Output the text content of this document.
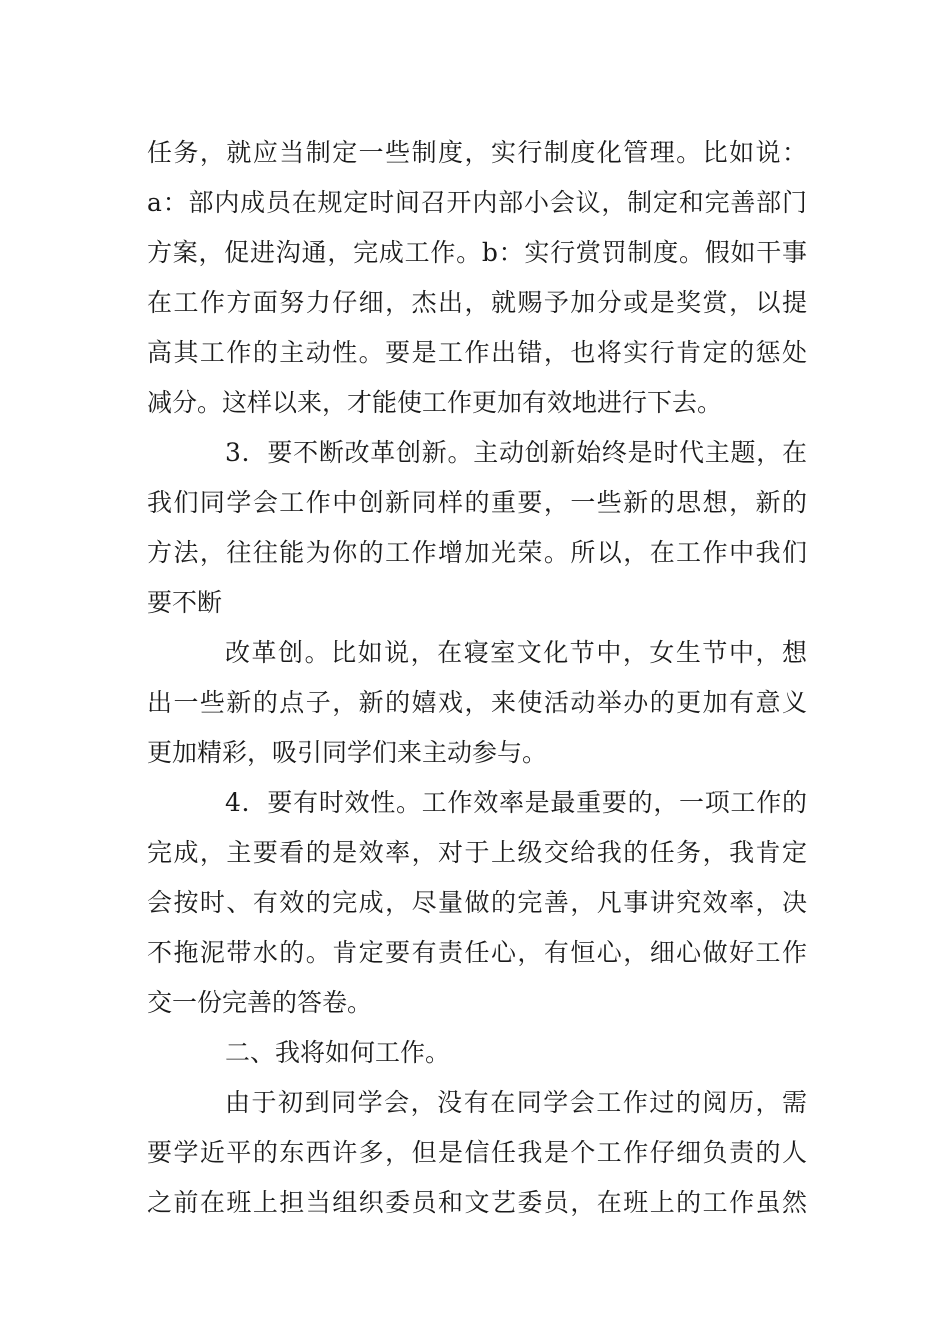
任务，就应当制定一些制度，实行制度化管理。比如说：
a：部内成员在规定时间召开内部小会议，制定和完善部门
方案，促进沟通，完成工作。b：实行赏罚制度。假如干事
在工作方面努力仔细，杰出，就赐予加分或是奖赏，以提
高其工作的主动性。要是工作出错，也将实行肯定的惩处
减分。这样以来，才能使工作更加有效地进行下去。
3．要不断改革创新。主动创新始终是时代主题，在
我们同学会工作中创新同样的重要，一些新的思想，新的
方法，往往能为你的工作增加光荣。所以，在工作中我们
要不断
改革创。比如说，在寝室文化节中，女生节中，想
出一些新的点子，新的嬉戏，来使活动举办的更加有意义
更加精彩，吸引同学们来主动参与。
4．要有时效性。工作效率是最重要的，一项工作的
完成，主要看的是效率，对于上级交给我的任务，我肯定
会按时、有效的完成，尽量做的完善，凡事讲究效率，决
不拖泥带水的。肯定要有责任心，有恒心，细心做好工作
交一份完善的答卷。
二、我将如何工作。
由于初到同学会，没有在同学会工作过的阅历，需
要学近平的东西许多，但是信任我是个工作仔细负责的人
之前在班上担当组织委员和文艺委员，在班上的工作虽然
